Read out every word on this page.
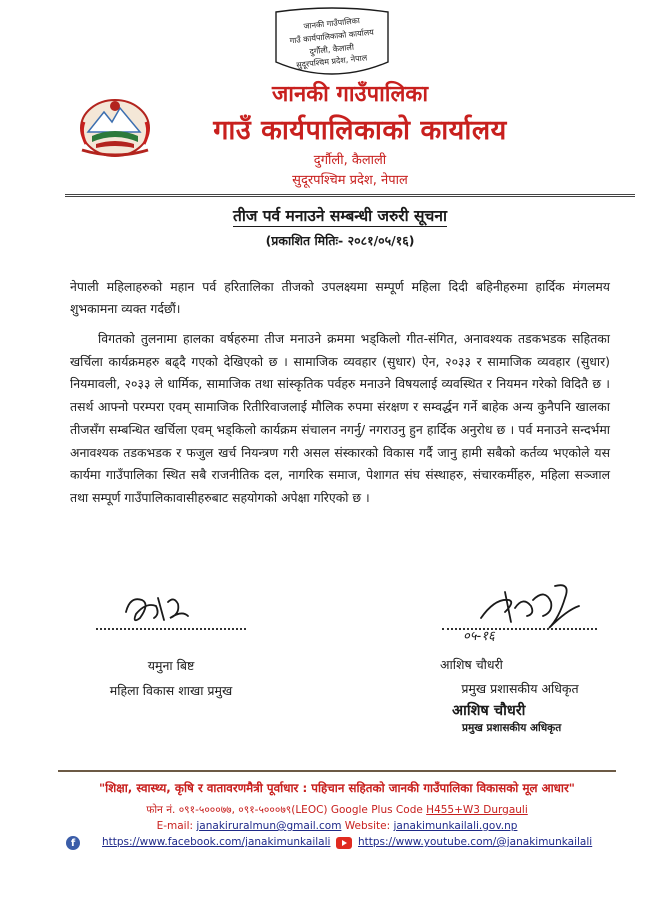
जानकी गाउँपालिका
गाउँ कार्यपालिकाको कार्यालय
दुर्गौली, कैलाली
सुदूरपश्चिम प्रदेश, नेपाल
जानकी गाउँपालिका
गाउँ कार्यपालिकाको कार्यालय
दुर्गौली, कैलाली
सुदूरपश्चिम प्रदेश, नेपाल
तीज पर्व मनाउने सम्बन्धी जरुरी सूचना
(प्रकाशित मितिः- २०८१/०५/१६)

नेपाली महिलाहरुको महान पर्व हरितालिका तीजको उपलक्ष्यमा सम्पूर्ण महिला दिदी बहिनीहरुमा हार्दिक मंगलमय शुभकामना व्यक्त गर्दछौं।

विगतको तुलनामा हालका वर्षहरुमा तीज मनाउने क्रममा भड्किलो गीत-संगित, अनावश्यक तडकभडक सहितका खर्चिला कार्यक्रमहरु बढ्दै गएको देखिएको छ । सामाजिक व्यवहार (सुधार) ऐन, २०३३ र सामाजिक व्यवहार (सुधार) नियमावली, २०३३ ले धार्मिक, सामाजिक तथा सांस्कृतिक पर्वहरु मनाउने विषयलाई व्यवस्थित र नियमन गरेको विदितै छ । तसर्थ आफ्नो परम्परा एवम् सामाजिक रितीरिवाजलाई मौलिक रुपमा संरक्षण र सम्वर्द्धन गर्ने बाहेक अन्य कुनैपनि खालका तीजसँग सम्बन्धित खर्चिला एवम् भड्किलो कार्यक्रम संचालन नगर्नु/ नगराउनु हुन हार्दिक अनुरोध छ । पर्व मनाउने सन्दर्भमा अनावश्यक तडकभडक र फजुल खर्च नियन्त्रण गरी असल संस्कारको विकास गर्दै जानु हामी सबैको कर्तव्य भएकोले यस कार्यमा गाउँपालिका स्थित सबै राजनीतिक दल, नागरिक समाज, पेशागत संघ संस्थाहरु, संचारकर्मीहरु, महिला सञ्जाल तथा सम्पूर्ण गाउँपालिकावासीहरुबाट सहयोगको अपेक्षा गरिएको छ ।

यमुना बिष्ट
महिला विकास शाखा प्रमुख
०५-१६
आशिष चौधरी
प्रमुख प्रशासकीय अधिकृत
आशिष चौधरी
प्रमुख प्रशासकीय अधिकृत
"शिक्षा, स्वास्थ्य, कृषि र वातावरणमैत्री पूर्वाधार : पहिचान सहितको जानकी गाउँपालिका विकासको मूल आधार"
फोन नं. ०९१-५०००७७, ०९१-५०००७९(LEOC) Google Plus Code H455+W3 Durgauli
E-mail: janakiruralmun@gmail.com Website: janakimunkailali.gov.np
f	https://www.facebook.com/janakimunkailali	https://www.youtube.com/@janakimunkailali
